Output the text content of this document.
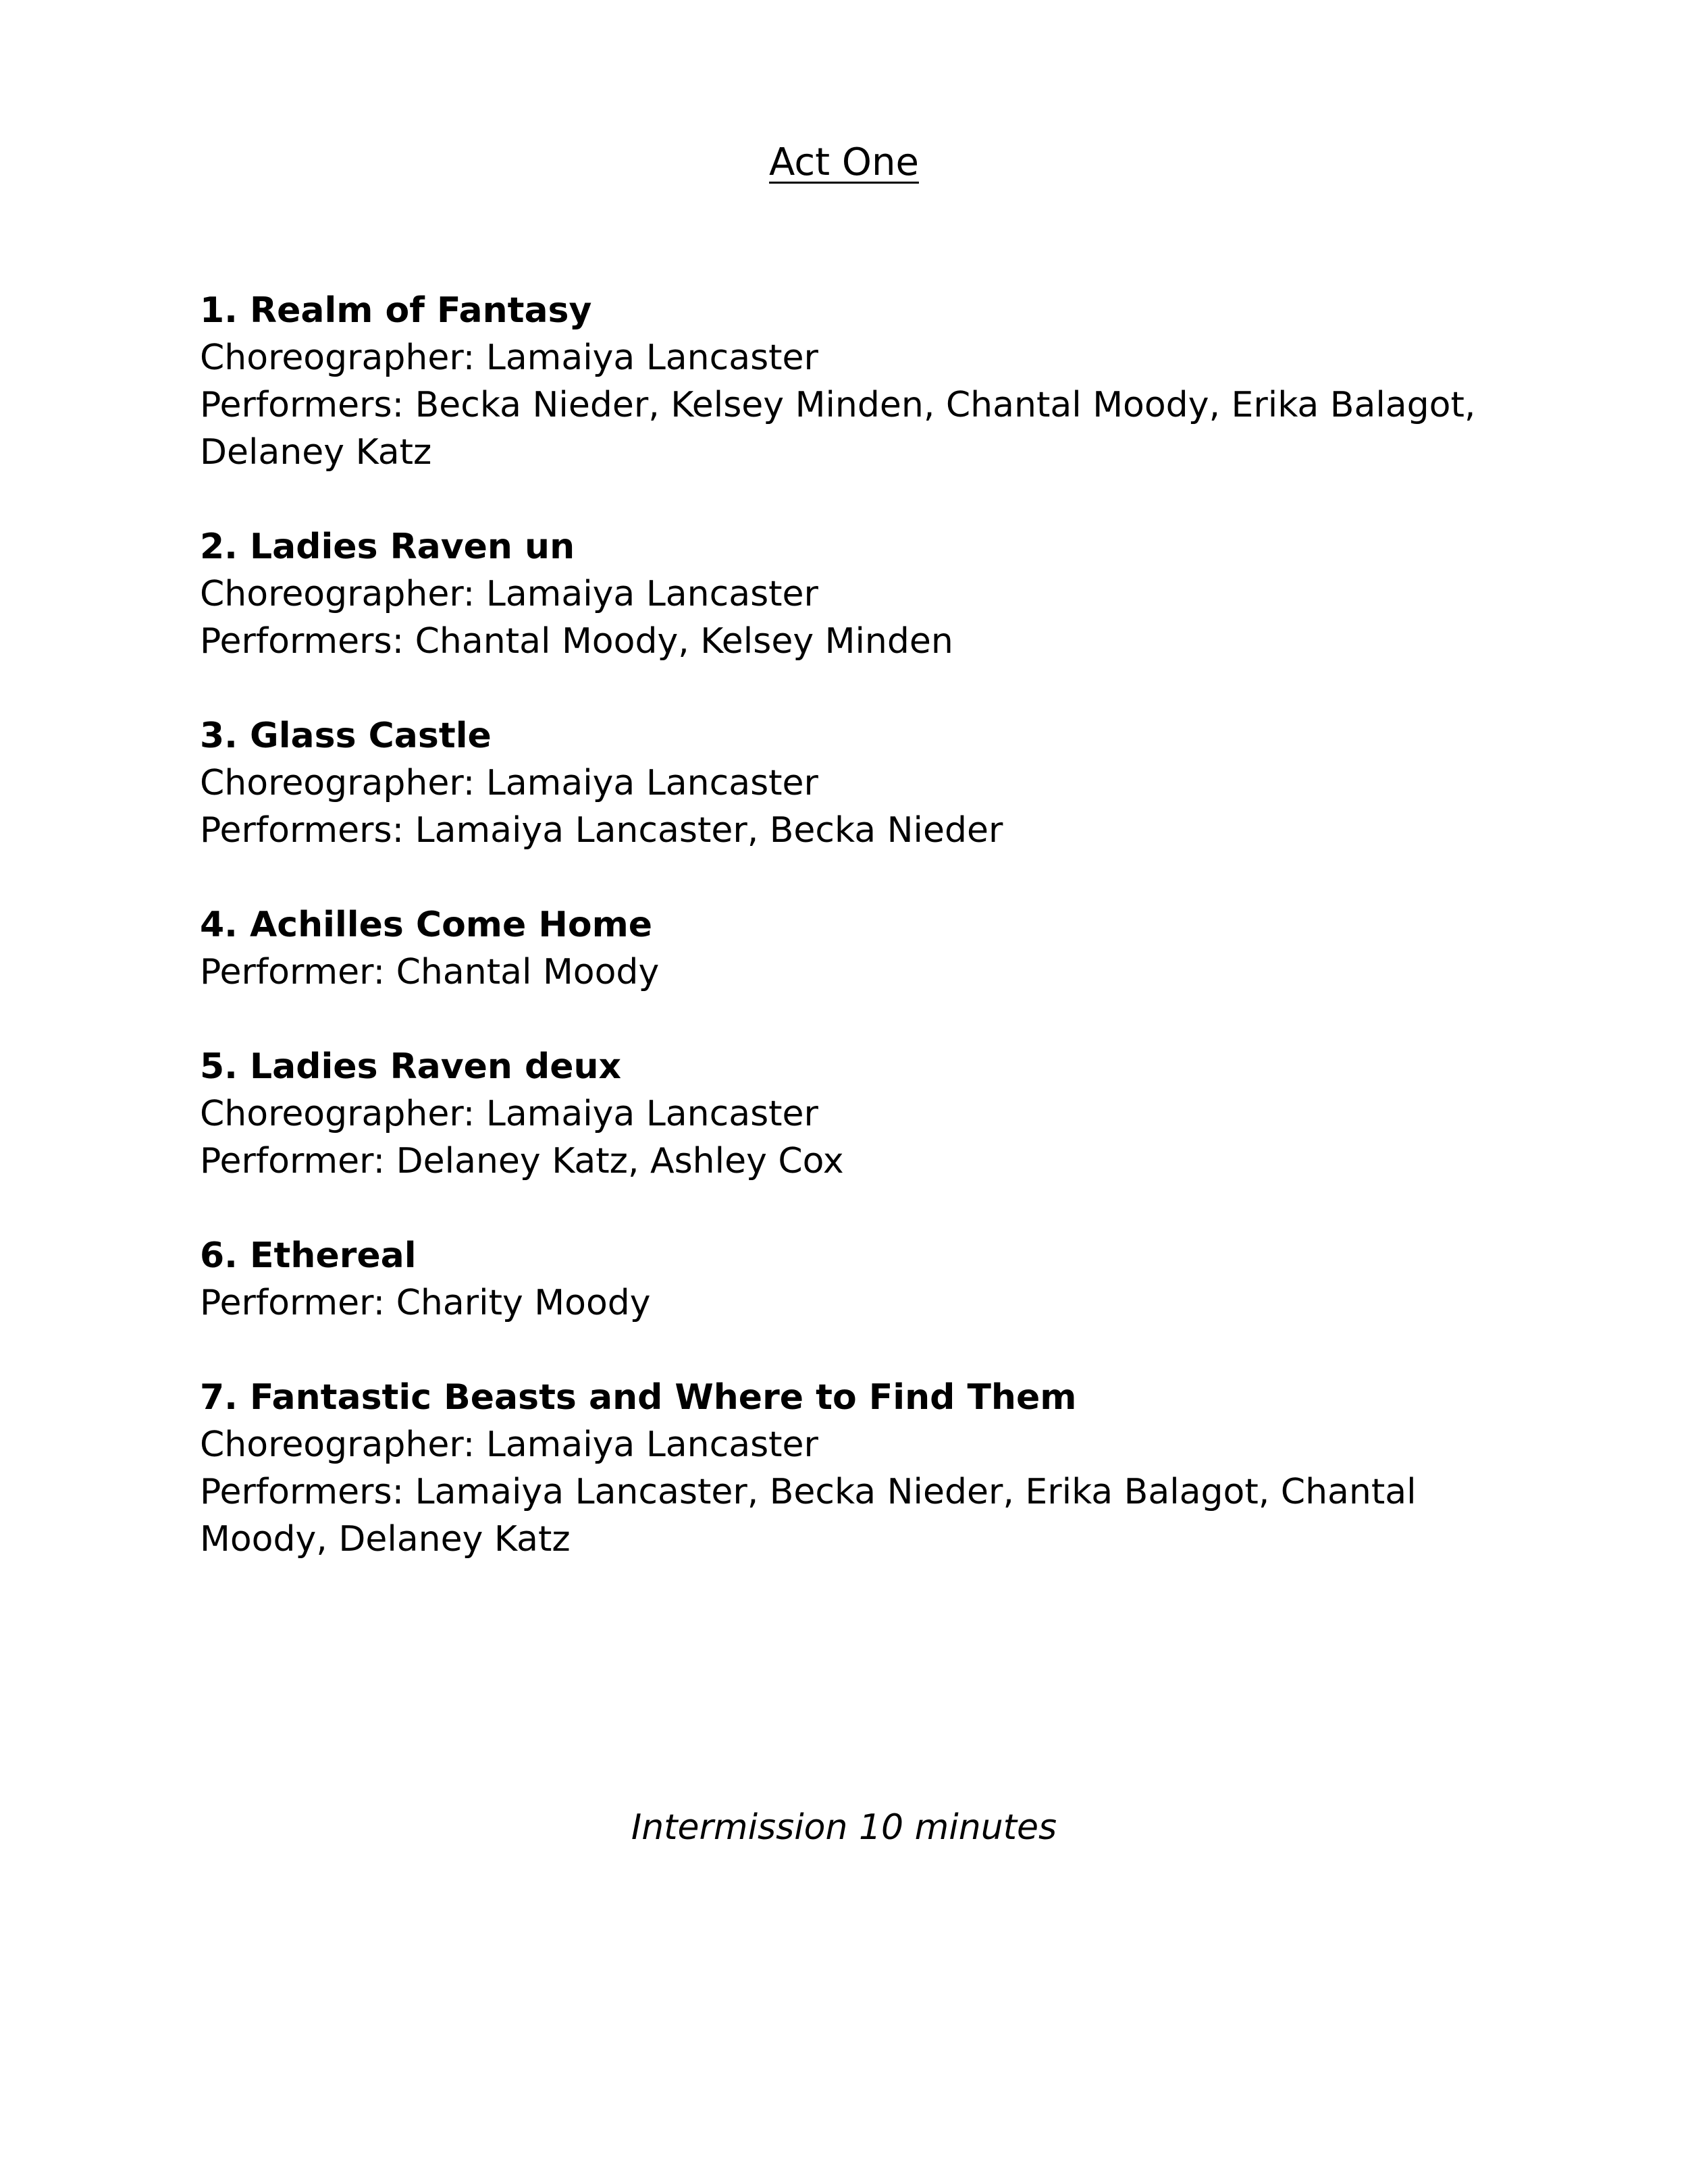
Act One
1. Realm of Fantasy
Choreographer: Lamaiya Lancaster
Performers: Becka Nieder, Kelsey Minden, Chantal Moody, Erika Balagot, Delaney Katz
2. Ladies Raven un
Choreographer: Lamaiya Lancaster
Performers: Chantal Moody, Kelsey Minden
3. Glass Castle
Choreographer: Lamaiya Lancaster
Performers: Lamaiya Lancaster, Becka Nieder
4. Achilles Come Home
Performer: Chantal Moody
5. Ladies Raven deux
Choreographer: Lamaiya Lancaster
Performer: Delaney Katz, Ashley Cox
6. Ethereal
Performer: Charity Moody
7. Fantastic Beasts and Where to Find Them
Choreographer: Lamaiya Lancaster
Performers: Lamaiya Lancaster, Becka Nieder, Erika Balagot, Chantal Moody, Delaney Katz
Intermission 10 minutes
